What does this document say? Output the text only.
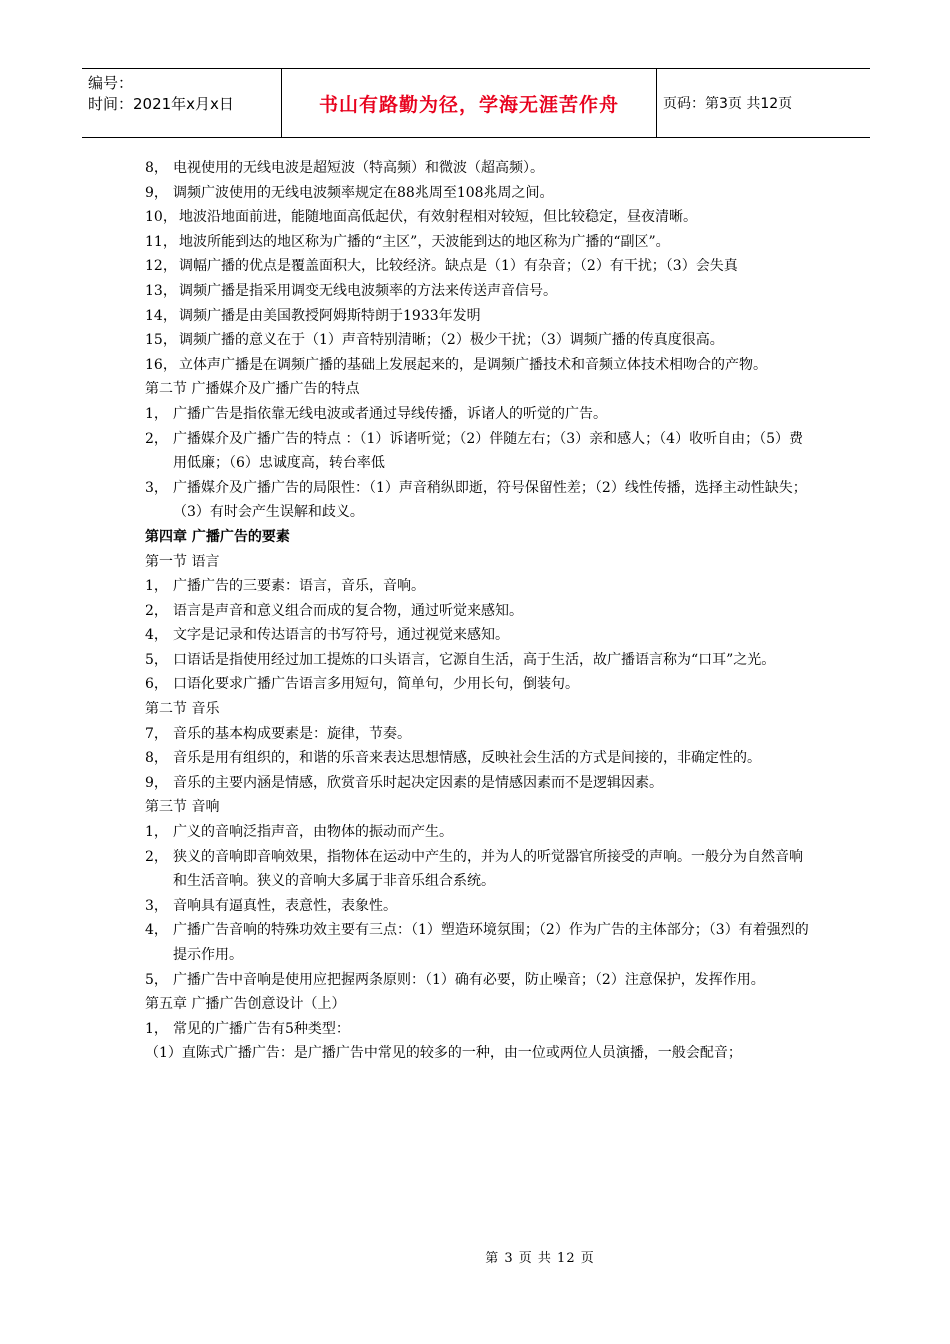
编号：
时间：2021年x月x日	书山有路勤为径，学海无涯苦作舟	页码：第3页 共12页
8， 电视使用的无线电波是超短波（特高频）和微波（超高频）。
9， 调频广波使用的无线电波频率规定在88兆周至108兆周之间。
10， 地波沿地面前进，能随地面高低起伏，有效射程相对较短，但比较稳定，昼夜清晰。
11， 地波所能到达的地区称为广播的“主区”，天波能到达的地区称为广播的“副区”。
12， 调幅广播的优点是覆盖面积大，比较经济。缺点是（1）有杂音；（2）有干扰；（3）会失真
13， 调频广播是指采用调变无线电波频率的方法来传送声音信号。
14， 调频广播是由美国教授阿姆斯特朗于1933年发明
15， 调频广播的意义在于（1）声音特别清晰；（2）极少干扰；（3）调频广播的传真度很高。
16， 立体声广播是在调频广播的基础上发展起来的，是调频广播技术和音频立体技术相吻合的产物。
第二节 广播媒介及广播广告的特点
1， 广播广告是指依靠无线电波或者通过导线传播，诉诸人的听觉的广告。
2， 广播媒介及广播广告的特点 ：（1）诉诸听觉；（2）伴随左右；（3）亲和感人；（4）收听自由；（5）费用低廉；（6）忠诚度高，转台率低
3， 广播媒介及广播广告的局限性：（1）声音稍纵即逝，符号保留性差；（2）线性传播，选择主动性缺失；（3）有时会产生误解和歧义。
第四章 广播广告的要素
第一节 语言
1， 广播广告的三要素：语言，音乐，音响。
2， 语言是声音和意义组合而成的复合物，通过听觉来感知。
4， 文字是记录和传达语言的书写符号，通过视觉来感知。
5， 口语话是指使用经过加工提炼的口头语言，它源自生活，高于生活，故广播语言称为“口耳”之光。
6， 口语化要求广播广告语言多用短句，简单句，少用长句，倒装句。
第二节 音乐
7， 音乐的基本构成要素是：旋律，节奏。
8， 音乐是用有组织的，和谐的乐音来表达思想情感，反映社会生活的方式是间接的，非确定性的。
9， 音乐的主要内涵是情感，欣赏音乐时起决定因素的是情感因素而不是逻辑因素。
第三节 音响
1， 广义的音响泛指声音，由物体的振动而产生。
2， 狭义的音响即音响效果，指物体在运动中产生的，并为人的听觉器官所接受的声响。一般分为自然音响和生活音响。狭义的音响大多属于非音乐组合系统。
3， 音响具有逼真性，表意性，表象性。
4， 广播广告音响的特殊功效主要有三点：（1）塑造环境氛围；（2）作为广告的主体部分；（3）有着强烈的提示作用。
5， 广播广告中音响是使用应把握两条原则：（1）确有必要，防止噪音；（2）注意保护，发挥作用。
第五章 广播广告创意设计（上）
1， 常见的广播广告有5种类型：
（1）直陈式广播广告：是广播广告中常见的较多的一种，由一位或两位人员演播，一般会配音；
第 3 页 共 12 页
